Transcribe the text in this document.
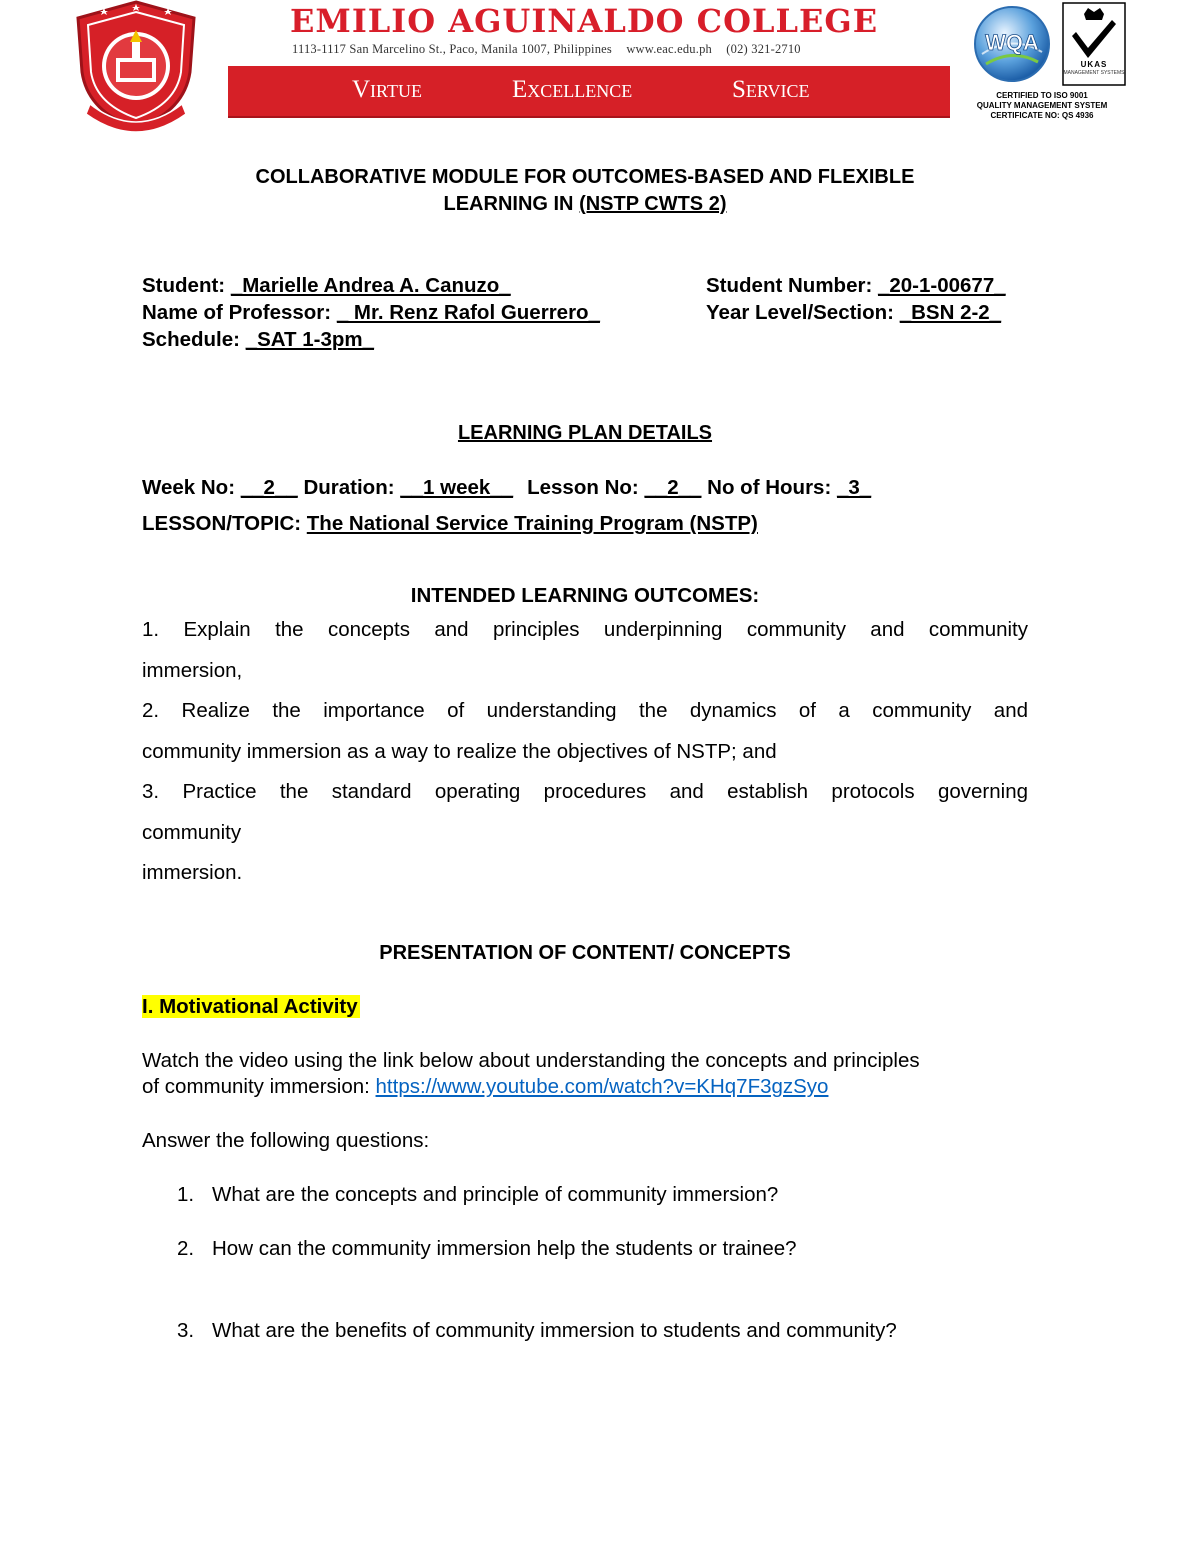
EMILIO AGUINALDO COLLEGE

1113-1117 San Marcelino St., Paco, Manila 1007, Philippines www.eac.edu.ph (02) 321-2710

Virtue	Excellence	Service
WQA
UKAS
MANAGEMENT SYSTEMS
CERTIFIED TO ISO 9001
QUALITY MANAGEMENT SYSTEM
CERTIFICATE NO: QS 4936
COLLABORATIVE MODULE FOR OUTCOMES-BASED AND FLEXIBLE
LEARNING IN (NSTP CWTS 2)
Student: _Marielle Andrea A. Canuzo_
Name of Professor: _ Mr. Renz Rafol Guerrero_
Schedule: _SAT 1-3pm_
Student Number: _20-1-00677_
Year Level/Section: _BSN 2-2_
LEARNING PLAN DETAILS
Week No: __2__ Duration: __1 week__ Lesson No: __2__ No of Hours: _3_
LESSON/TOPIC: The National Service Training Program (NSTP)
INTENDED LEARNING OUTCOMES:

1. Explain the concepts and principles underpinning community and community

immersion,

2. Realize the importance of understanding the dynamics of a community and

community immersion as a way to realize the objectives of NSTP; and

3. Practice the standard operating procedures and establish protocols governing

community

immersion.

PRESENTATION OF CONTENT/ CONCEPTS
I. Motivational Activity
Watch the video using the link below about understanding the concepts and principles
of community immersion: https://www.youtube.com/watch?v=KHq7F3gzSyo
Answer the following questions:
1. What are the concepts and principle of community immersion?
2. How can the community immersion help the students or trainee?
3. What are the benefits of community immersion to students and community?
